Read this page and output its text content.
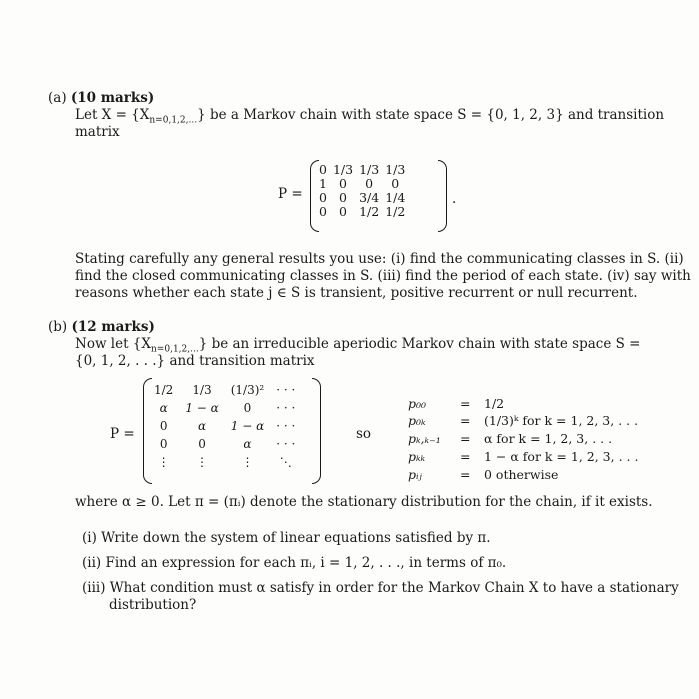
(a) (10 marks)
Let $X = \{X_{n=0,1,2,...}\}$ be a Markov chain with state space S = {0, 1, 2, 3} and transition
matrix
P =
0	1/3	1/3	1/3
1	0	0	0
0	0	3/4	1/4
0	0	1/2	1/2
.
Stating carefully any general results you use: (i) find the communicating classes in S. (ii)
find the closed communicating classes in S. (iii) find the period of each state. (iv) say with
reasons whether each state j ∈ S is transient, positive recurrent or null recurrent.
(b) (12 marks)
Now let $\{X_{n=0,1,2,...}\}$ be an irreducible aperiodic Markov chain with state space S =
{0, 1, 2, . . .} and transition matrix
P =
1/2	1/3	(1/3)²	· · ·
α	1 − α	0	· · ·
0	α	1 − α	· · ·
0	0	α	· · ·
⋮	⋮	⋮	⋱
so
p₀₀	= 1/2
p₀ₖ	= (1/3)ᵏ for k = 1, 2, 3, . . .
pₖ,ₖ₋₁ = α for k = 1, 2, 3, . . .
pₖₖ	= 1 − α for k = 1, 2, 3, . . .
pᵢⱼ	= 0 otherwise
where α ≥ 0. Let π = (πᵢ) denote the stationary distribution for the chain, if it exists.
(i) Write down the system of linear equations satisfied by π.
(ii) Find an expression for each πᵢ, i = 1, 2, . . ., in terms of π₀.
(iii) What condition must α satisfy in order for the Markov Chain X to have a stationary
distribution?
